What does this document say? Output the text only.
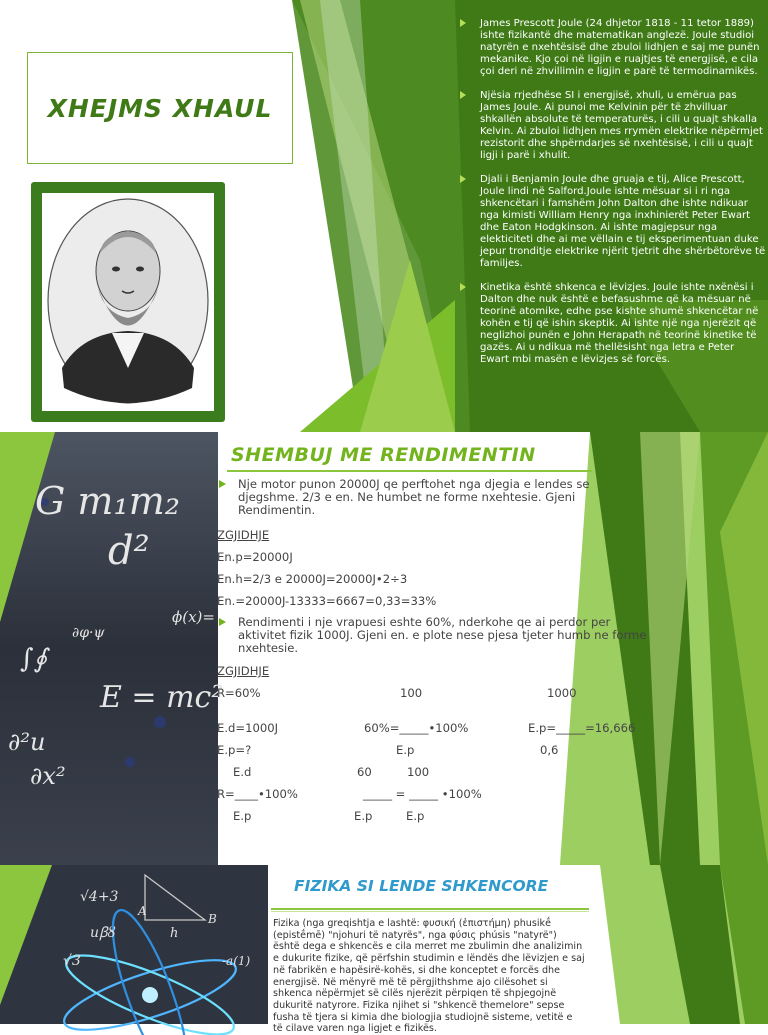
XHEJMS XHAUL
James Prescott Joule (24 dhjetor 1818 - 11 tetor 1889) ishte fizikantë dhe matematikan anglezë. Joule studioi natyrën e nxehtësisë dhe zbuloi lidhjen e saj me punën mekanike. Kjo çoi në ligjin e ruajtjes të energjisë, e cila çoi deri në zhvillimin e ligjin e parë të termodinamikës.
Njësia rrjedhëse SI i energjisë, xhuli, u emërua pas James Joule. Ai punoi me Kelvinin për të zhvilluar shkallën absolute të temperaturës, i cili u quajt shkalla Kelvin. Ai zbuloi lidhjen mes rrymën elektrike nëpërmjet rezistorit dhe shpërndarjes së nxehtësisë, i cili u quajt ligji i parë i xhulit.
Djali i Benjamin Joule dhe gruaja e tij, Alice Prescott, Joule lindi në Salford.Joule ishte mësuar si i ri nga shkencëtari i famshëm John Dalton dhe ishte ndikuar nga kimisti William Henry nga inxhinierët Peter Ewart dhe Eaton Hodgkinson. Ai ishte magjepsur nga elekticiteti dhe ai me vëllain e tij eksperimentuan duke jepur tronditje elektrike njërit tjetrit dhe shërbëtorëve të familjes.
Kinetika është shkenca e lëvizjes. Joule ishte nxënësi i Dalton dhe nuk është e befasushme që ka mësuar në teorinë atomike, edhe pse kishte shumë shkencëtar në kohën e tij që ishin skeptik. Ai ishte një nga njerëzit që neglizhoi punën e John Herapath në teorinë kinetike të gazës. Ai u ndikua më thellësisht nga letra e Peter Ewart mbi masën e lëvizjes së forcës.
G m₁m₂
d²
E = mc²
∂²u
∂x²
ϕ(x)=
∂φ·ψ
∫∮
SHEMBUJ ME RENDIMENTIN
Nje motor punon 20000J qe perftohet nga djegia e lendes se djegshme. 2/3 e en. Ne humbet ne forme nxehtesie. Gjeni Rendimentin.
ZGJIDHJE
En.p=20000J
En.h=2/3 e 20000J=20000J•2÷3
En.=20000J-13333=6667=0,33=33%
Rendimenti i nje vrapuesi eshte 60%, nderkohe qe ai perdor per aktivitet fizik 1000J. Gjeni en. e plote nese pjesa tjeter humb ne forme nxehtesie.
ZGJIDHJE
R=60%	100	1000
E.d=1000J	60%=_____•100%	E.p=_____=16,666
E.p=?	E.p	0,6
E.d	60	100
R=____•100%	_____ = _____ •100%
E.p	E.p	E.p
√4+3
h
A
B
√3	-a(1)
uꞵȣ
FIZIKA SI LENDE SHKENCORE

Fizika (nga greqishtja e lashtë: φυσική (ἐπιστήμη) phusikḗ (epistḗmē) "njohuri të natyrës", nga φύσις phúsis "natyrë") është dega e shkencës e cila merret me zbulimin dhe analizimin e dukurite fizike, që përfshin studimin e lëndës dhe lëvizjen e saj në fabrikën e hapësirë-kohës, si dhe konceptet e forcës dhe energjisë. Në mënyrë më të përgjithshme ajo cilësohet si shkenca nëpërmjet së cilës njerëzit përpiqen të shpjegojnë dukuritë natyrore. Fizika njihet si "shkencë themelore" sepse fusha të tjera si kimia dhe biologjia studiojnë sisteme, vetitë e të cilave varen nga ligjet e fizikës.
